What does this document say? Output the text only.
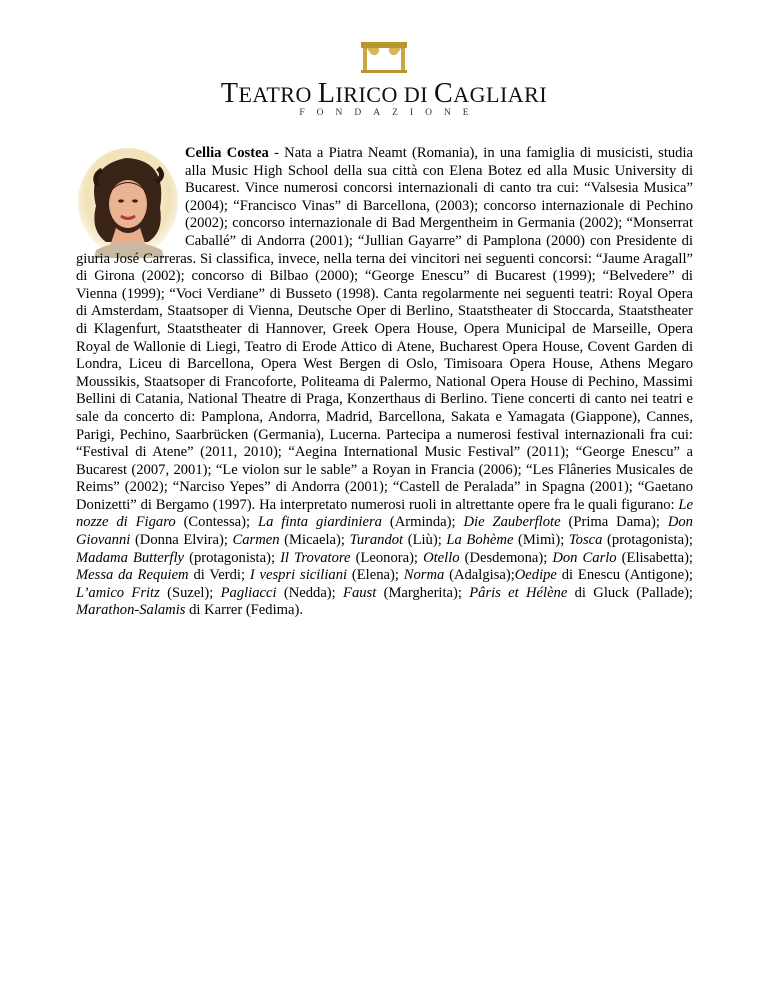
TEATRO LIRICO DI CAGLIARI
FONDAZIONE
Cellia Costea - Nata a Piatra Neamt (Romania), in una famiglia di musicisti, studia alla Music High School della sua città con Elena Botez ed alla Music University di Bucarest. Vince numerosi concorsi internazionali di canto tra cui: “Valsesia Musica” (2004); “Francisco Vinas” di Barcellona, (2003); concorso internazionale di Pechino (2002); concorso internazionale di Bad Mergentheim in Germania (2002); “Monserrat Caballé” di Andorra (2001); “Jullian Gayarre” di Pamplona (2000) con Presidente di giuria José Carreras. Si classifica, invece, nella terna dei vincitori nei seguenti concorsi: “Jaume Aragall” di Girona (2002); concorso di Bilbao (2000); “George Enescu” di Bucarest (1999); “Belvedere” di Vienna (1999); “Voci Verdiane” di Busseto (1998). Canta regolarmente nei seguenti teatri: Royal Opera di Amsterdam, Staatsoper di Vienna, Deutsche Oper di Berlino, Staatstheater di Stoccarda, Staatstheater di Klagenfurt, Staatstheater di Hannover, Greek Opera House, Opera Municipal de Marseille, Opera Royal de Wallonie di Liegi, Teatro di Erode Attico di Atene, Bucharest Opera House, Covent Garden di Londra, Liceu di Barcellona, Opera West Bergen di Oslo, Timisoara Opera House, Athens Megaro Moussikis, Staatsoper di Francoforte, Politeama di Palermo, National Opera House di Pechino, Massimi Bellini di Catania, National Theatre di Praga, Konzerthaus di Berlino. Tiene concerti di canto nei teatri e sale da concerto di: Pamplona, Andorra, Madrid, Barcellona, Sakata e Yamagata (Giappone), Cannes, Parigi, Pechino, Saarbrücken (Germania), Lucerna. Partecipa a numerosi festival internazionali fra cui: “Festival di Atene” (2011, 2010); “Aegina International Music Festival” (2011); “George Enescu” a Bucarest (2007, 2001); “Le violon sur le sable” a Royan in Francia (2006); “Les Flâneries Musicales de Reims” (2002); “Narciso Yepes” di Andorra (2001); “Castell de Peralada” in Spagna (2001); “Gaetano Donizetti” di Bergamo (1997). Ha interpretato numerosi ruoli in altrettante opere fra le quali figurano: Le nozze di Figaro (Contessa); La finta giardiniera (Arminda); Die Zauberflote (Prima Dama); Don Giovanni (Donna Elvira); Carmen (Micaela); Turandot (Liù); La Bohème (Mimì); Tosca (protagonista); Madama Butterfly (protagonista); Il Trovatore (Leonora); Otello (Desdemona); Don Carlo (Elisabetta); Messa da Requiem di Verdi; I vespri siciliani (Elena); Norma (Adalgisa);Oedipe di Enescu (Antigone); L’amico Fritz (Suzel); Pagliacci (Nedda); Faust (Margherita); Pâris et Hélène di Gluck (Pallade); Marathon-Salamis di Karrer (Fedima).
